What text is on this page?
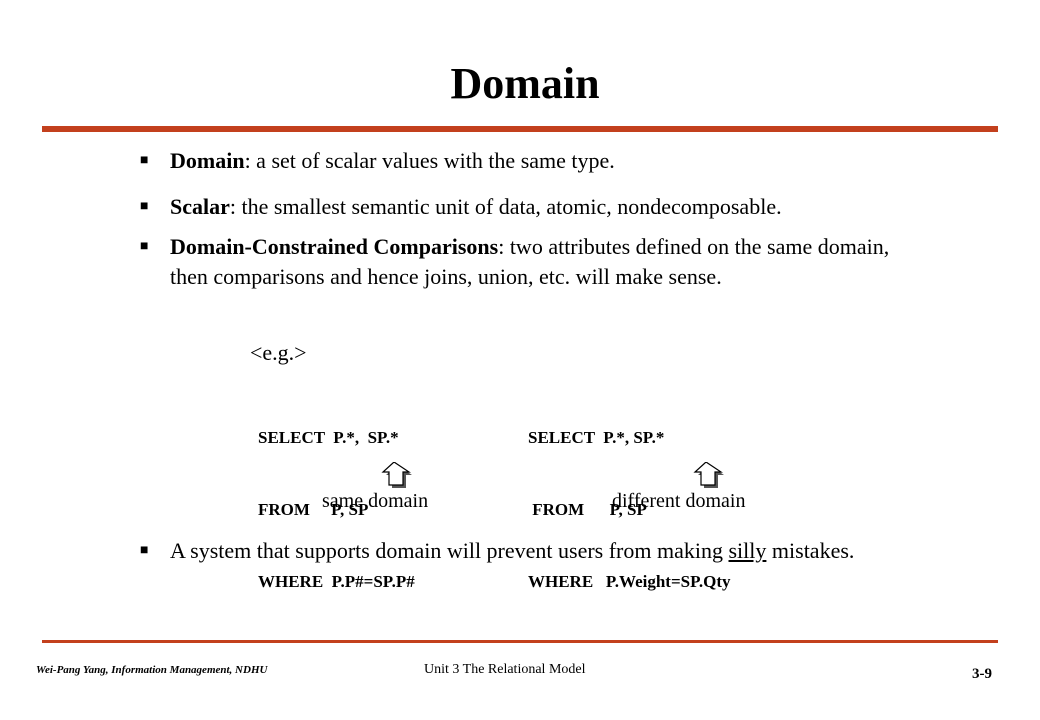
Domain
■ Domain: a set of scalar values with the same type.
■ Scalar: the smallest semantic unit of data, atomic, nondecomposable.
■ Domain-Constrained Comparisons: two attributes defined on the same domain, then comparisons and hence joins, union, etc. will make sense.
<e.g.>

SELECT  P.*,  SP.*

FROM     P, SP

WHERE  P.P#=SP.P#

SELECT  P.*, SP.*

FROM      P, SP

WHERE   P.Weight=SP.Qty

same domain	different domain
■ A system that supports domain will prevent users from making silly mistakes.
Wei-Pang Yang, Information Management, NDHU	Unit 3 The Relational Model	3-9
